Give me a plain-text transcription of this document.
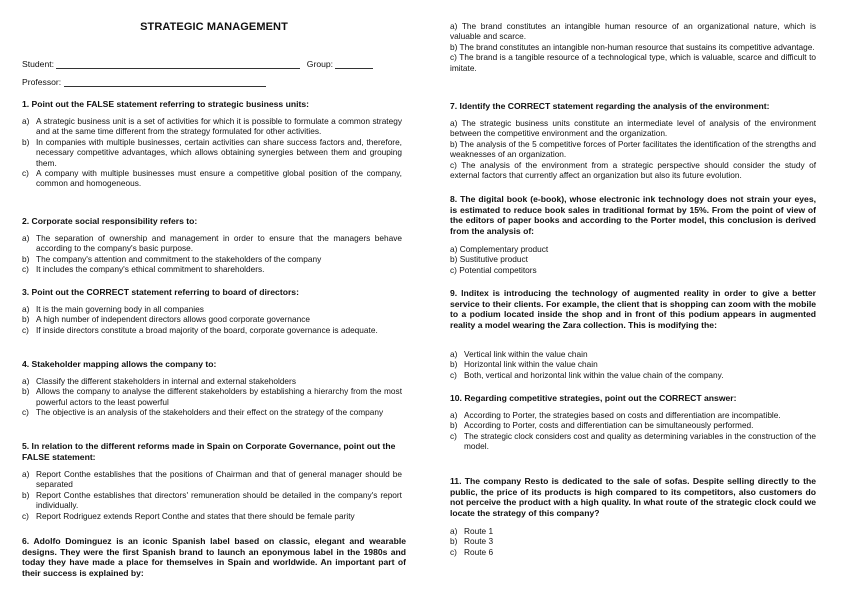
STRATEGIC MANAGEMENT
Student:	Group:
Professor:
1. Point out the FALSE statement referring to strategic business units:
a) A strategic business unit is a set of activities for which it is possible to formulate a common strategy and at the same time different from the strategy formulated for other activities.
b) In companies with multiple businesses, certain activities can share success factors and, therefore, necessary competitive advantages, which allows obtaining synergies between them and grouping them.
c) A company with multiple businesses must ensure a competitive global position of the company, common and homogeneous.
2. Corporate social responsibility refers to:
a) The separation of ownership and management in order to ensure that the managers behave according to the company's basic purpose.
b) The company's attention and commitment to the stakeholders of the company
c) It includes the company's ethical commitment to shareholders.
3. Point out the CORRECT statement referring to board of directors:
a) It is the main governing body in all companies
b) A high number of independent directors allows good corporate governance
c) If inside directors constitute a broad majority of the board, corporate governance is adequate.
4. Stakeholder mapping allows the company to:
a) Classify the different stakeholders in internal and external stakeholders
b) Allows the company to analyse the different stakeholders by establishing a hierarchy from the most powerful actors to the least powerful
c) The objective is an analysis of the stakeholders and their effect on the strategy of the company
5. In relation to the different reforms made in Spain on Corporate Governance, point out the FALSE statement:
a) Report Conthe establishes that the positions of Chairman and that of general manager should be separated
b) Report Conthe establishes that directors' remuneration should be detailed in the company's report individually.
c) Report Rodriguez extends Report Conthe and states that there should be female parity
6. Adolfo Dominguez is an iconic Spanish label based on classic, elegant and wearable designs. They were the first Spanish brand to launch an eponymous label in the 1980s and today they have made a place for themselves in Spain and worldwide. An important part of their success is explained by:
a) The brand constitutes an intangible human resource of an organizational nature, which is valuable and scarce.
b) The brand constitutes an intangible non-human resource that sustains its competitive advantage.
c) The brand is a tangible resource of a technological type, which is valuable, scarce and difficult to imitate.
7. Identify the CORRECT statement regarding the analysis of the environment:
a) The strategic business units constitute an intermediate level of analysis of the environment between the competitive environment and the organization.
b) The analysis of the 5 competitive forces of Porter facilitates the identification of the strengths and weaknesses of an organization.
c) The analysis of the environment from a strategic perspective should consider the study of external factors that currently affect an organization but also its future evolution.
8. The digital book (e-book), whose electronic ink technology does not strain your eyes, is estimated to reduce book sales in traditional format by 15%. From the point of view of the editors of paper books and according to the Porter model, this conclusion is derived from the analysis of:
a) Complementary product
b) Sustitutive product
c) Potential competitors
9. Inditex is introducing the technology of augmented reality in order to give a better service to their clients. For example, the client that is shopping can zoom with the mobile to a podium located inside the shop and in front of this podium appears in augmented reality a model wearing the Zara collection. This is modifying the:
a) Vertical link within the value chain
b) Horizontal link within the value chain
c) Both, vertical and horizontal link within the value chain of the company.
10. Regarding competitive strategies, point out the CORRECT answer:
a) According to Porter, the strategies based on costs and differentiation are incompatible.
b) According to Porter, costs and differentiation can be simultaneously performed.
c) The strategic clock considers cost and quality as determining variables in the construction of the model.
11. The company Resto is dedicated to the sale of sofas. Despite selling directly to the public, the price of its products is high compared to its competitors, also customers do not perceive the product with a high quality. In what route of the strategic clock could we locate the strategy of this company?
a) Route 1
b) Route 3
c) Route 6
